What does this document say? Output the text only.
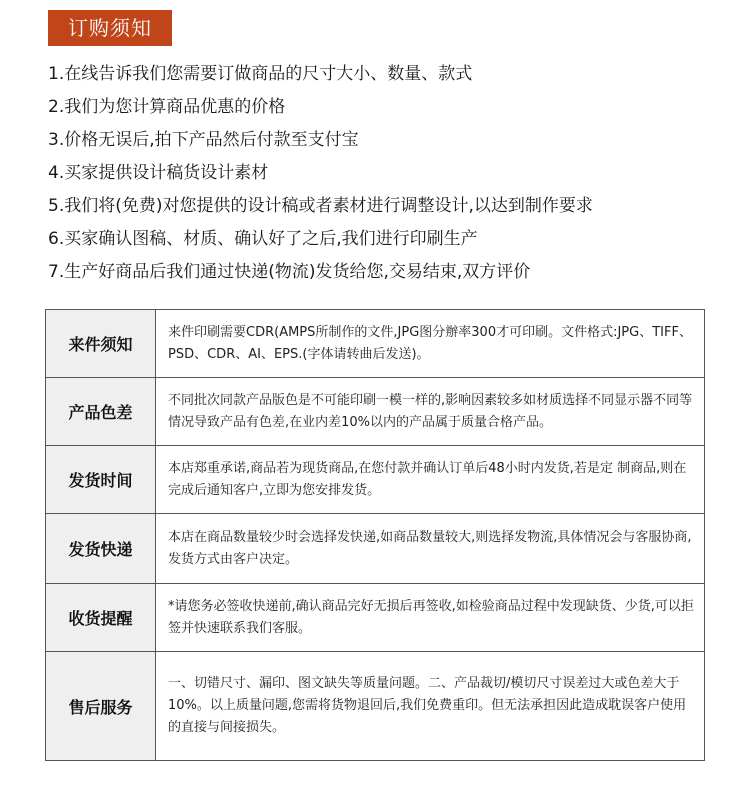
订购须知
1.在线告诉我们您需要订做商品的尺寸大小、数量、款式
2.我们为您计算商品优惠的价格
3.价格无误后,拍下产品然后付款至支付宝
4.买家提供设计稿货设计素材
5.我们将(免费)对您提供的设计稿或者素材进行调整设计,以达到制作要求
6.买家确认图稿、材质、确认好了之后,我们进行印刷生产
7.生产好商品后我们通过快递(物流)发货给您,交易结束,双方评价
来件须知	来件印刷需要CDR(AMPS所制作的文件,JPG图分辦率300才可印刷。文件格式:JPG、TIFF、PSD、CDR、AI、EPS.(字体请转曲后发送)。
产品色差	不同批次同款产品版色是不可能印刷一模一样的,影响因素较多如材质选择不同显示器不同等情况导致产品有色差,在业内差10%以内的产品属于质量合格产品。
发货时间	本店郑重承诺,商品若为现货商品,在您付款并确认订单后48小时内发货,若是定 制商品,则在完成后通知客户,立即为您安排发货。
发货快递	本店在商品数量较少时会选择发快递,如商品数量较大,则选择发物流,具体情况会与客服协商,发货方式由客户决定。
收货提醒	*请您务必签收快递前,确认商品完好无损后再签收,如检验商品过程中发现缺货、少货,可以拒签并快速联系我们客服。
售后服务	一、切错尺寸、漏印、图文缺失等质量问题。二、产品裁切/模切尺寸误差过大或色差大于10%。以上质量问题,您需将货物退回后,我们免费重印。但无法承担因此造成耽误客户使用的直接与间接损失。
